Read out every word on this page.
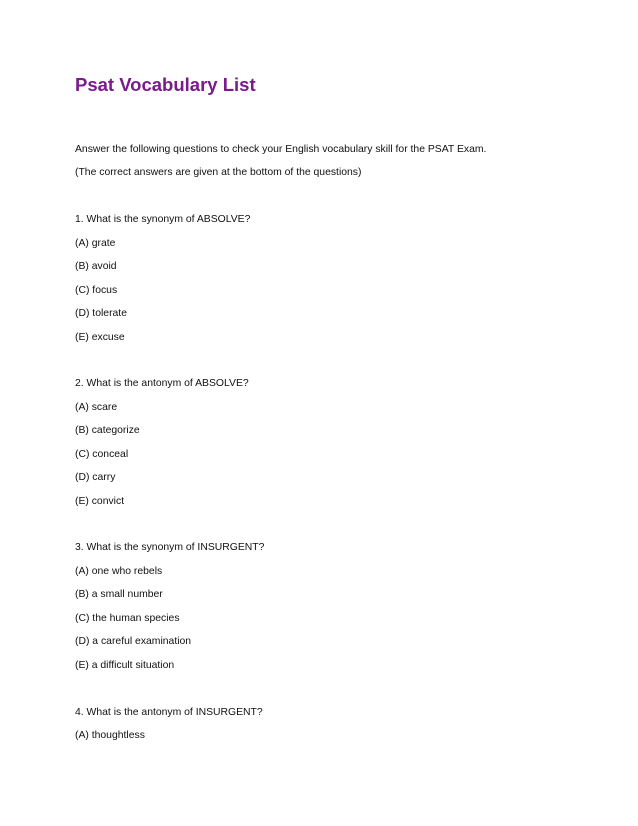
Psat Vocabulary List
Answer the following questions to check your English vocabulary skill for the PSAT Exam.
(The correct answers are given at the bottom of the questions)
1. What is the synonym of ABSOLVE?
(A) grate
(B) avoid
(C) focus
(D) tolerate
(E) excuse
2. What is the antonym of ABSOLVE?
(A) scare
(B) categorize
(C) conceal
(D) carry
(E) convict
3. What is the synonym of INSURGENT?
(A) one who rebels
(B) a small number
(C) the human species
(D) a careful examination
(E) a difficult situation
4. What is the antonym of INSURGENT?
(A) thoughtless
